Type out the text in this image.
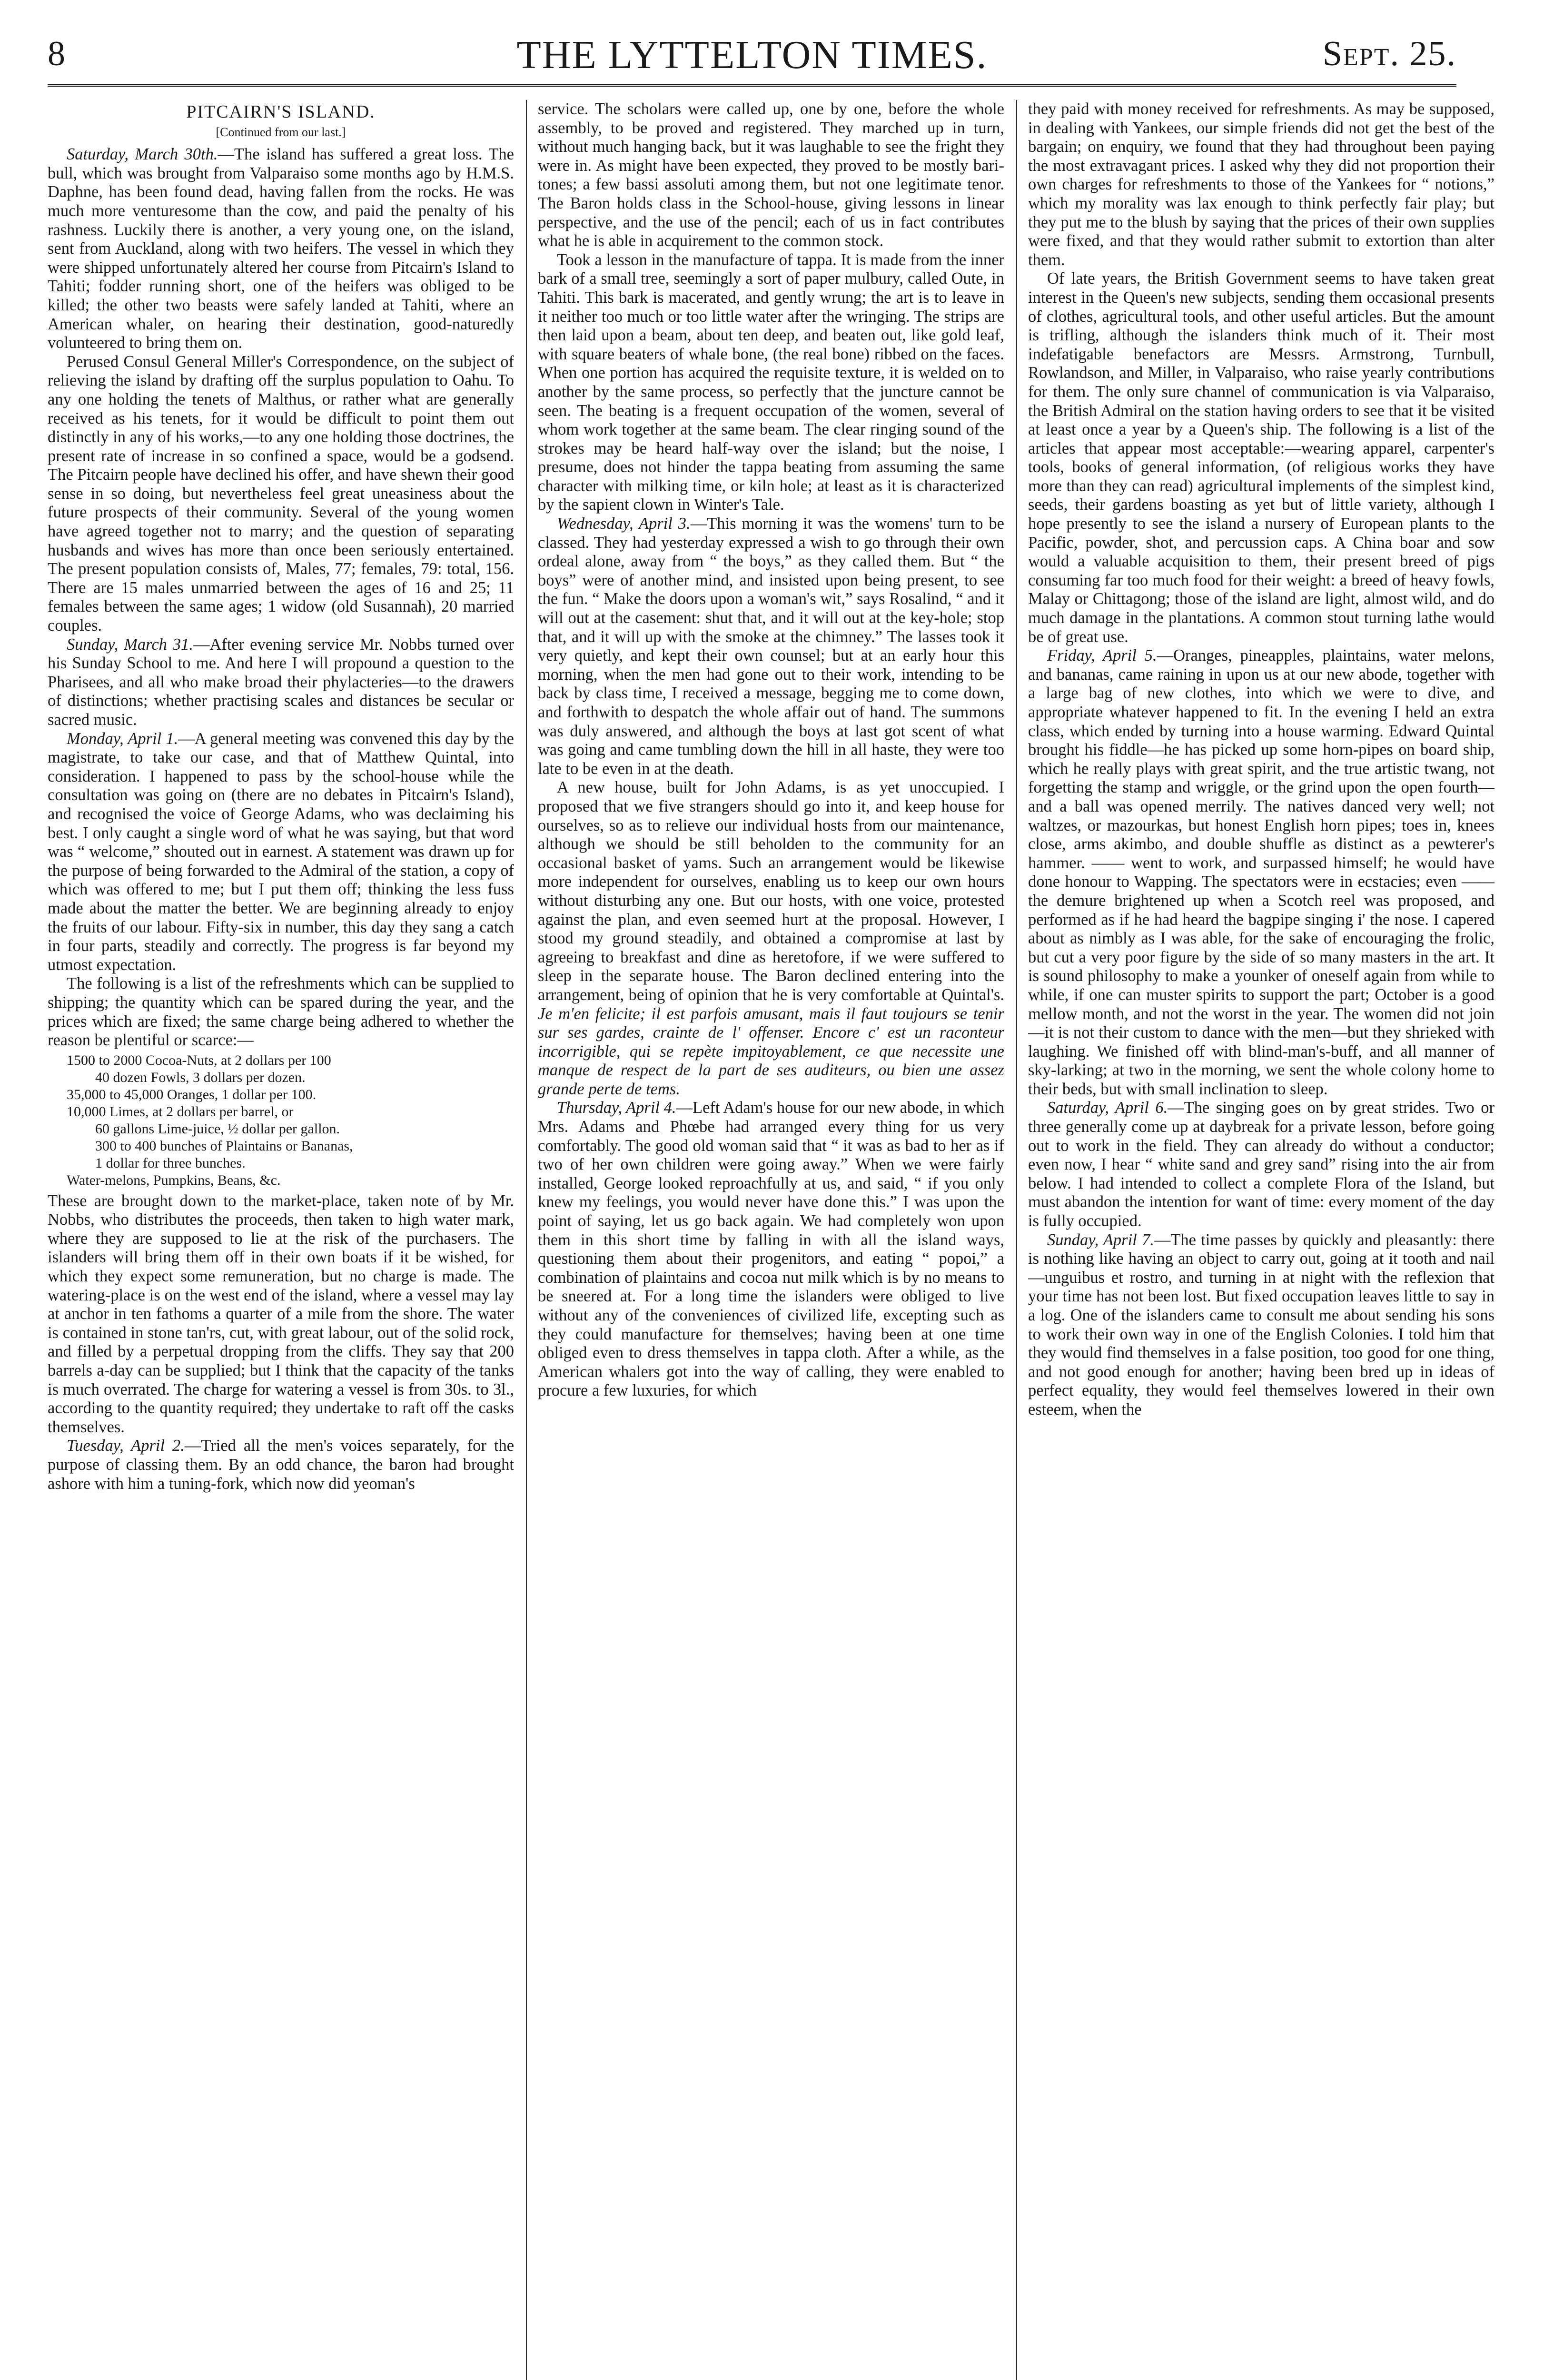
8	THE LYTTELTON TIMES.	Sept. 25.

PITCAIRN'S ISLAND.

[Continued from our last.]

Saturday, March 30th.—The island has suffered a great loss. The bull, which was brought from Valparaiso some months ago by H.M.S. Daphne, has been found dead, having fallen from the rocks. He was much more venturesome than the cow, and paid the penalty of his rashness. Luckily there is another, a very young one, on the island, sent from Auckland, along with two heifers. The vessel in which they were shipped unfortunately altered her course from Pitcairn's Island to Tahiti; fodder running short, one of the heifers was obliged to be killed; the other two beasts were safely landed at Tahiti, where an American whaler, on hearing their destination, good-naturedly volunteered to bring them on.

Perused Consul General Miller's Correspondence, on the subject of relieving the island by drafting off the surplus population to Oahu. To any one holding the tenets of Malthus, or rather what are generally received as his tenets, for it would be difficult to point them out distinctly in any of his works,—to any one holding those doctrines, the present rate of increase in so confined a space, would be a godsend. The Pitcairn people have declined his offer, and have shewn their good sense in so doing, but nevertheless feel great uneasiness about the future prospects of their community. Several of the young women have agreed together not to marry; and the question of separating husbands and wives has more than once been seriously entertained. The present population consists of, Males, 77; females, 79: total, 156. There are 15 males unmarried between the ages of 16 and 25; 11 females between the same ages; 1 widow (old Susannah), 20 married couples.

Sunday, March 31.—After evening service Mr. Nobbs turned over his Sunday School to me. And here I will propound a question to the Pharisees, and all who make broad their phylacteries—to the drawers of distinctions; whether practising scales and distances be secular or sacred music.

Monday, April 1.—A general meeting was convened this day by the magistrate, to take our case, and that of Matthew Quintal, into consideration. I happened to pass by the school-house while the consultation was going on (there are no debates in Pitcairn's Island), and recognised the voice of George Adams, who was declaiming his best. I only caught a single word of what he was saying, but that word was “ welcome,” shouted out in earnest. A statement was drawn up for the purpose of being forwarded to the Admiral of the station, a copy of which was offered to me; but I put them off; thinking the less fuss made about the matter the better. We are beginning already to enjoy the fruits of our labour. Fifty-six in number, this day they sang a catch in four parts, steadily and correctly. The progress is far beyond my utmost expectation.

The following is a list of the refreshments which can be supplied to shipping; the quantity which can be spared during the year, and the prices which are fixed; the same charge being adhered to whether the reason be plentiful or scarce:—

1500 to 2000 Cocoa-Nuts, at 2 dollars per 100
40 dozen Fowls, 3 dollars per dozen.
35,000 to 45,000 Oranges, 1 dollar per 100.
10,000 Limes, at 2 dollars per barrel, or
60 gallons Lime-juice, ½ dollar per gallon.
300 to 400 bunches of Plaintains or Bananas,
1 dollar for three bunches.
Water-melons, Pumpkins, Beans, &c.

These are brought down to the market-place, taken note of by Mr. Nobbs, who distributes the proceeds, then taken to high water mark, where they are supposed to lie at the risk of the purchasers. The islanders will bring them off in their own boats if it be wished, for which they expect some remuneration, but no charge is made. The watering-place is on the west end of the island, where a vessel may lay at anchor in ten fathoms a quarter of a mile from the shore. The water is contained in stone tan'rs, cut, with great labour, out of the solid rock, and filled by a perpetual dropping from the cliffs. They say that 200 barrels a-day can be supplied; but I think that the capacity of the tanks is much overrated. The charge for watering a vessel is from 30s. to 3l., according to the quantity required; they undertake to raft off the casks themselves.

Tuesday, April 2.—Tried all the men's voices separately, for the purpose of classing them. By an odd chance, the baron had brought ashore with him a tuning-fork, which now did yeoman's

service. The scholars were called up, one by one, before the whole assembly, to be proved and registered. They marched up in turn, without much hanging back, but it was laughable to see the fright they were in. As might have been expected, they proved to be mostly bari-tones; a few bassi assoluti among them, but not one legitimate tenor. The Baron holds class in the School-house, giving lessons in linear perspective, and the use of the pencil; each of us in fact contributes what he is able in acquirement to the common stock.

Took a lesson in the manufacture of tappa. It is made from the inner bark of a small tree, seemingly a sort of paper mulbury, called Oute, in Tahiti. This bark is macerated, and gently wrung; the art is to leave in it neither too much or too little water after the wringing. The strips are then laid upon a beam, about ten deep, and beaten out, like gold leaf, with square beaters of whale bone, (the real bone) ribbed on the faces. When one portion has acquired the requisite texture, it is welded on to another by the same process, so perfectly that the juncture cannot be seen. The beating is a frequent occupation of the women, several of whom work together at the same beam. The clear ringing sound of the strokes may be heard half-way over the island; but the noise, I presume, does not hinder the tappa beating from assuming the same character with milking time, or kiln hole; at least as it is characterized by the sapient clown in Winter's Tale.

Wednesday, April 3.—This morning it was the womens' turn to be classed. They had yesterday expressed a wish to go through their own ordeal alone, away from “ the boys,” as they called them. But “ the boys” were of another mind, and insisted upon being present, to see the fun. “ Make the doors upon a woman's wit,” says Rosalind, “ and it will out at the casement: shut that, and it will out at the key-hole; stop that, and it will up with the smoke at the chimney.” The lasses took it very quietly, and kept their own counsel; but at an early hour this morning, when the men had gone out to their work, intending to be back by class time, I received a message, begging me to come down, and forthwith to despatch the whole affair out of hand. The summons was duly answered, and although the boys at last got scent of what was going and came tumbling down the hill in all haste, they were too late to be even in at the death.

A new house, built for John Adams, is as yet unoccupied. I proposed that we five strangers should go into it, and keep house for ourselves, so as to relieve our individual hosts from our maintenance, although we should be still beholden to the community for an occasional basket of yams. Such an arrangement would be likewise more independent for ourselves, enabling us to keep our own hours without disturbing any one. But our hosts, with one voice, protested against the plan, and even seemed hurt at the proposal. However, I stood my ground steadily, and obtained a compromise at last by agreeing to breakfast and dine as heretofore, if we were suffered to sleep in the separate house. The Baron declined entering into the arrangement, being of opinion that he is very comfortable at Quintal's. Je m'en felicite; il est parfois amusant, mais il faut toujours se tenir sur ses gardes, crainte de l' offenser. Encore c' est un raconteur incorrigible, qui se repète impitoyablement, ce que necessite une manque de respect de la part de ses auditeurs, ou bien une assez grande perte de tems.

Thursday, April 4.—Left Adam's house for our new abode, in which Mrs. Adams and Phœbe had arranged every thing for us very comfortably. The good old woman said that “ it was as bad to her as if two of her own children were going away.” When we were fairly installed, George looked reproachfully at us, and said, “ if you only knew my feelings, you would never have done this.” I was upon the point of saying, let us go back again. We had completely won upon them in this short time by falling in with all the island ways, questioning them about their progenitors, and eating “ popoi,” a combination of plaintains and cocoa nut milk which is by no means to be sneered at. For a long time the islanders were obliged to live without any of the conveniences of civilized life, excepting such as they could manufacture for themselves; having been at one time obliged even to dress themselves in tappa cloth. After a while, as the American whalers got into the way of calling, they were enabled to procure a few luxuries, for which

they paid with money received for refreshments. As may be supposed, in dealing with Yankees, our simple friends did not get the best of the bargain; on enquiry, we found that they had throughout been paying the most extravagant prices. I asked why they did not proportion their own charges for refreshments to those of the Yankees for “ notions,” which my morality was lax enough to think perfectly fair play; but they put me to the blush by saying that the prices of their own supplies were fixed, and that they would rather submit to extortion than alter them.

Of late years, the British Government seems to have taken great interest in the Queen's new subjects, sending them occasional presents of clothes, agricultural tools, and other useful articles. But the amount is trifling, although the islanders think much of it. Their most indefatigable benefactors are Messrs. Armstrong, Turnbull, Rowlandson, and Miller, in Valparaiso, who raise yearly contributions for them. The only sure channel of communication is via Valparaiso, the British Admiral on the station having orders to see that it be visited at least once a year by a Queen's ship. The following is a list of the articles that appear most acceptable:—wearing apparel, carpenter's tools, books of general information, (of religious works they have more than they can read) agricultural implements of the simplest kind, seeds, their gardens boasting as yet but of little variety, although I hope presently to see the island a nursery of European plants to the Pacific, powder, shot, and percussion caps. A China boar and sow would a valuable acquisition to them, their present breed of pigs consuming far too much food for their weight: a breed of heavy fowls, Malay or Chittagong; those of the island are light, almost wild, and do much damage in the plantations. A common stout turning lathe would be of great use.

Friday, April 5.—Oranges, pineapples, plaintains, water melons, and bananas, came raining in upon us at our new abode, together with a large bag of new clothes, into which we were to dive, and appropriate whatever happened to fit. In the evening I held an extra class, which ended by turning into a house warming. Edward Quintal brought his fiddle—he has picked up some horn-pipes on board ship, which he really plays with great spirit, and the true artistic twang, not forgetting the stamp and wriggle, or the grind upon the open fourth—and a ball was opened merrily. The natives danced very well; not waltzes, or mazourkas, but honest English horn pipes; toes in, knees close, arms akimbo, and double shuffle as distinct as a pewterer's hammer. —— went to work, and surpassed himself; he would have done honour to Wapping. The spectators were in ecstacies; even —— the demure brightened up when a Scotch reel was proposed, and performed as if he had heard the bagpipe singing i' the nose. I capered about as nimbly as I was able, for the sake of encouraging the frolic, but cut a very poor figure by the side of so many masters in the art. It is sound philosophy to make a younker of oneself again from while to while, if one can muster spirits to support the part; October is a good mellow month, and not the worst in the year. The women did not join—it is not their custom to dance with the men—but they shrieked with laughing. We finished off with blind-man's-buff, and all manner of sky-larking; at two in the morning, we sent the whole colony home to their beds, but with small inclination to sleep.

Saturday, April 6.—The singing goes on by great strides. Two or three generally come up at daybreak for a private lesson, before going out to work in the field. They can already do without a conductor; even now, I hear “ white sand and grey sand” rising into the air from below. I had intended to collect a complete Flora of the Island, but must abandon the intention for want of time: every moment of the day is fully occupied.

Sunday, April 7.—The time passes by quickly and pleasantly: there is nothing like having an object to carry out, going at it tooth and nail—unguibus et rostro, and turning in at night with the reflexion that your time has not been lost. But fixed occupation leaves little to say in a log. One of the islanders came to consult me about sending his sons to work their own way in one of the English Colonies. I told him that they would find themselves in a false position, too good for one thing, and not good enough for another; having been bred up in ideas of perfect equality, they would feel themselves lowered in their own esteem, when the
